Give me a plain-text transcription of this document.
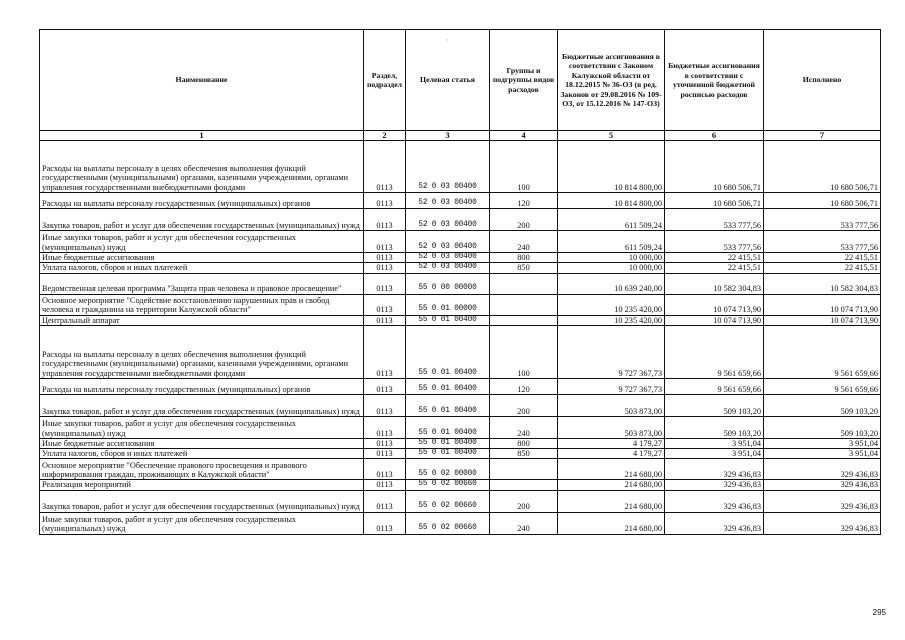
Наименование	Раздел, подраздел	Целевая статья	Группы и подгруппы видов расходов	Бюджетные ассигнования в соответствии с Законом Калужской области от 18.12.2015 № 36-ОЗ (в ред. Законов от 29.08.2016 № 109-ОЗ, от 15.12.2016 № 147-ОЗ)	Бюджетные ассигнования в соответствии с уточненной бюджетной росписью расходов	Исполнено
1	2	3	4	5	6	7
Расходы на выплаты персоналу в целях обеспечения выполнения функций государственными (муниципальными) органами, казенными учреждениями, органами управления государственными внебюджетными фондами	0113	52 0 03 00400	100	10 814 800,00	10 680 506,71	10 680 506,71
Расходы на выплаты персоналу государственных (муниципальных) органов	0113	52 0 03 00400	120	10 814 800,00	10 680 506,71	10 680 506,71
Закупка товаров, работ и услуг для обеспечения государственных (муниципальных) нужд	0113	52 0 03 00400	200	611 509,24	533 777,56	533 777,56
Иные закупки товаров, работ и услуг для обеспечения государственных (муниципальных) нужд	0113	52 0 03 00400	240	611 509,24	533 777,56	533 777,56
Иные бюджетные ассигнования	0113	52 0 03 00400	800	10 000,00	22 415,51	22 415,51
Уплата налогов, сборов и иных платежей	0113	52 0 03 00400	850	10 000,00	22 415,51	22 415,51
Ведомственная целевая программа "Защита прав человека и правовое просвещение"	0113	55 0 00 00000		10 639 240,00	10 582 304,83	10 582 304,83
Основное мероприятие "Содействие восстановлению нарушенных прав и свобод человека и гражданина на территории Калужской области"	0113	55 0 01 00000		10 235 420,00	10 074 713,90	10 074 713,90
Центральный аппарат	0113	55 0 01 00400		10 235 420,00	10 074 713,90	10 074 713,90
Расходы на выплаты персоналу в целях обеспечения выполнения функций государственными (муниципальными) органами, казенными учреждениями, органами управления государственными внебюджетными фондами	0113	55 0 01 00400	100	9 727 367,73	9 561 659,66	9 561 659,66
Расходы на выплаты персоналу государственных (муниципальных) органов	0113	55 0 01 00400	120	9 727 367,73	9 561 659,66	9 561 659,66
Закупка товаров, работ и услуг для обеспечения государственных (муниципальных) нужд	0113	55 0 01 00400	200	503 873,00	509 103,20	509 103,20
Иные закупки товаров, работ и услуг для обеспечения государственных (муниципальных) нужд	0113	55 0 01 00400	240	503 873,00	509 103,20	509 103,20
Иные бюджетные ассигнования	0113	55 0 01 00400	800	4 179,27	3 951,04	3 951,04
Уплата налогов, сборов и иных платежей	0113	55 0 01 00400	850	4 179,27	3 951,04	3 951,04
Основное мероприятие "Обеспечение правового просвещения и правового информирования граждан, проживающих в Калужской области"	0113	55 0 02 00000		214 680,00	329 436,83	329 436,83
Реализация мероприятий	0113	55 0 02 00660		214 680,00	329 436,83	329 436,83
Закупка товаров, работ и услуг для обеспечения государственных (муниципальных) нужд	0113	55 0 02 00660	200	214 680,00	329 436,83	329 436,83
Иные закупки товаров, работ и услуг для обеспечения государственных (муниципальных) нужд	0113	55 0 02 00660	240	214 680,00	329 436,83	329 436,83
`
295
